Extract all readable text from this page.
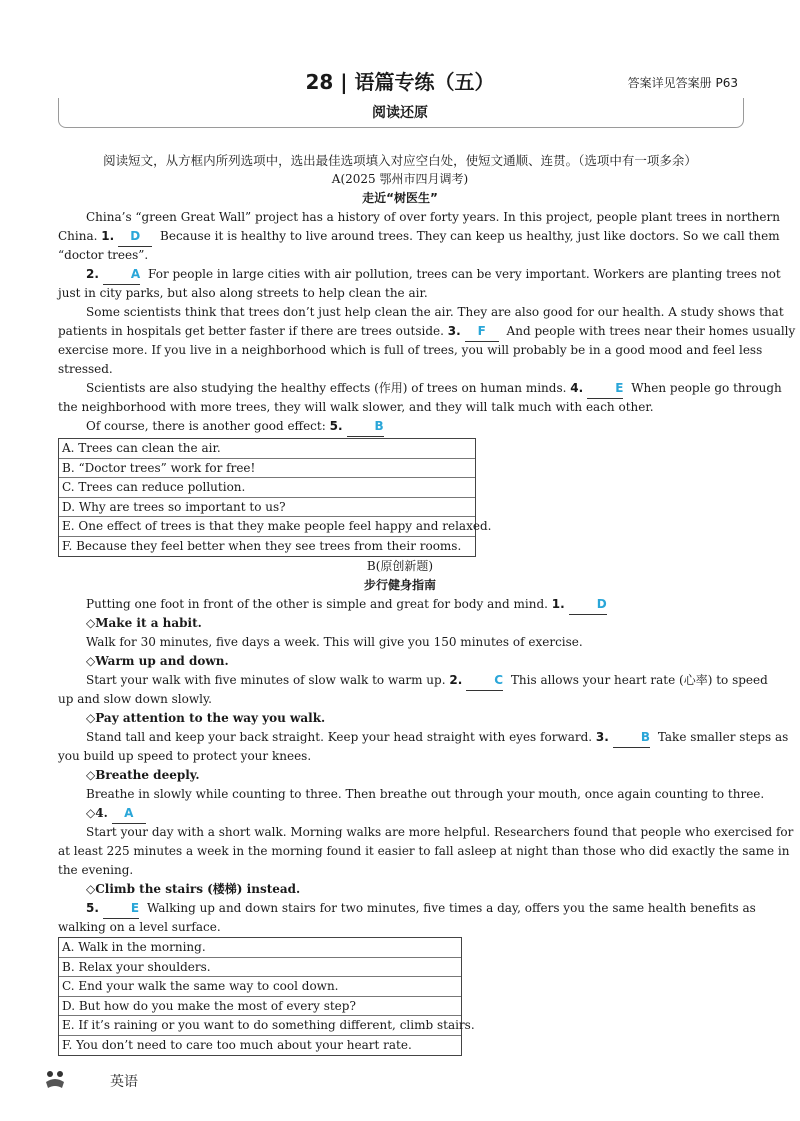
28 | 语篇专练（五）	答案详见答案册 P63
阅读还原
阅读短文，从方框内所列选项中，选出最佳选项填入对应空白处，使短文通顺、连贯。（选项中有一项多余）
A(2025 鄂州市四月调考)
走近“树医生”
China’s “green Great Wall” project has a history of over forty years. In this project, people plant trees in northern
China. 1. D Because it is healthy to live around trees. They can keep us healthy, just like doctors. So we call them
“doctor trees”.
2.	A For people in large cities with air pollution, trees can be very important. Workers are planting trees not
just in city parks, but also along streets to help clean the air.
Some scientists think that trees don’t just help clean the air. They are also good for our health. A study shows that
patients in hospitals get better faster if there are trees outside. 3. F And people with trees near their homes usually
exercise more. If you live in a neighborhood which is full of trees, you will probably be in a good mood and feel less
stressed.
Scientists are also studying the healthy effects (作用) of trees on human minds. 4.	E When people go through
the neighborhood with more trees, they will walk slower, and they will talk much with each other.
Of course, there is another good effect: 5.	B
A. Trees can clean the air.
B. “Doctor trees” work for free!
C. Trees can reduce pollution.
D. Why are trees so important to us?
E. One effect of trees is that they make people feel happy and relaxed.
F. Because they feel better when they see trees from their rooms.
B(原创新题)
步行健身指南
Putting one foot in front of the other is simple and great for body and mind. 1.	D
◇Make it a habit.
Walk for 30 minutes, five days a week. This will give you 150 minutes of exercise.
◇Warm up and down.
Start your walk with five minutes of slow walk to warm up. 2.	C This allows your heart rate (心率) to speed
up and slow down slowly.
◇Pay attention to the way you walk.
Stand tall and keep your back straight. Keep your head straight with eyes forward. 3.	B Take smaller steps as
you build up speed to protect your knees.
◇Breathe deeply.
Breathe in slowly while counting to three. Then breathe out through your mouth, once again counting to three.
◇4. A
Start your day with a short walk. Morning walks are more helpful. Researchers found that people who exercised for
at least 225 minutes a week in the morning found it easier to fall asleep at night than those who did exactly the same in
the evening.
◇Climb the stairs (楼梯) instead.
5.	E Walking up and down stairs for two minutes, five times a day, offers you the same health benefits as
walking on a level surface.
A. Walk in the morning.
B. Relax your shoulders.
C. End your walk the same way to cool down.
D. But how do you make the most of every step?
E. If it’s raining or you want to do something different, climb stairs.
F. You don’t need to care too much about your heart rate.
英语
